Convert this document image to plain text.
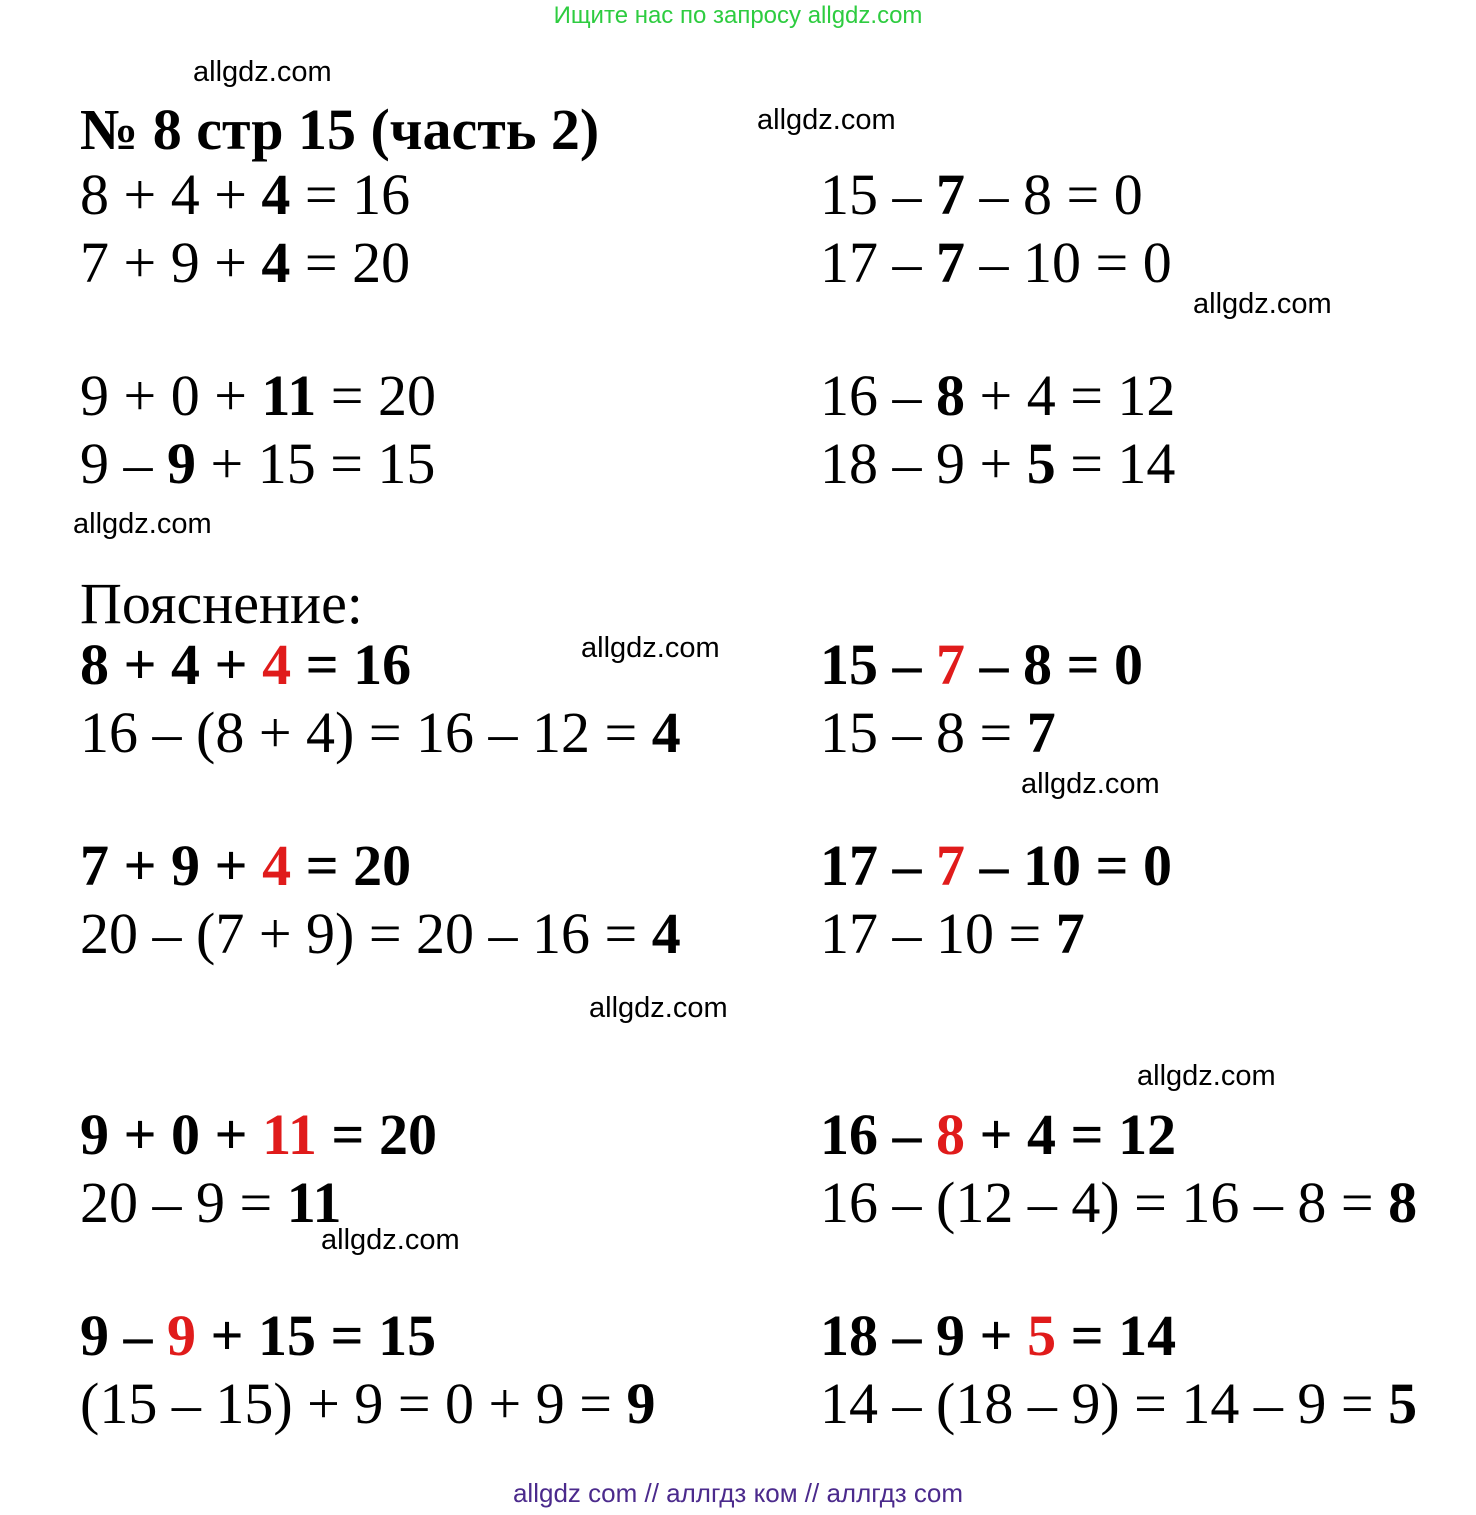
Ищите нас по запросу allgdz.com
allgdz.com
allgdz.com
allgdz.com
allgdz.com
allgdz.com
allgdz.com
allgdz.com
allgdz.com
allgdz.com
№ 8 стр 15 (часть 2)
8 + 4 + 4 = 16
7 + 9 + 4 = 20
15 – 7 – 8 = 0
17 – 7 – 10 = 0
9 + 0 + 11 = 20
9 – 9 + 15 = 15
16 – 8 + 4 = 12
18 – 9 + 5 = 14
Пояснение:
8 + 4 + 4 = 16
16 – (8 + 4) = 16 – 12 = 4
15 – 7 – 8 = 0
15 – 8 = 7
7 + 9 + 4 = 20
20 – (7 + 9) = 20 – 16 = 4
17 – 7 – 10 = 0
17 – 10 = 7
9 + 0 + 11 = 20
20 – 9 = 11
16 – 8 + 4 = 12
16 – (12 – 4) = 16 – 8 = 8
9 – 9 + 15 = 15
(15 – 15) + 9 = 0 + 9 = 9
18 – 9 + 5 = 14
14 – (18 – 9) = 14 – 9 = 5
allgdz com // аллгдз ком // аллгдз com
